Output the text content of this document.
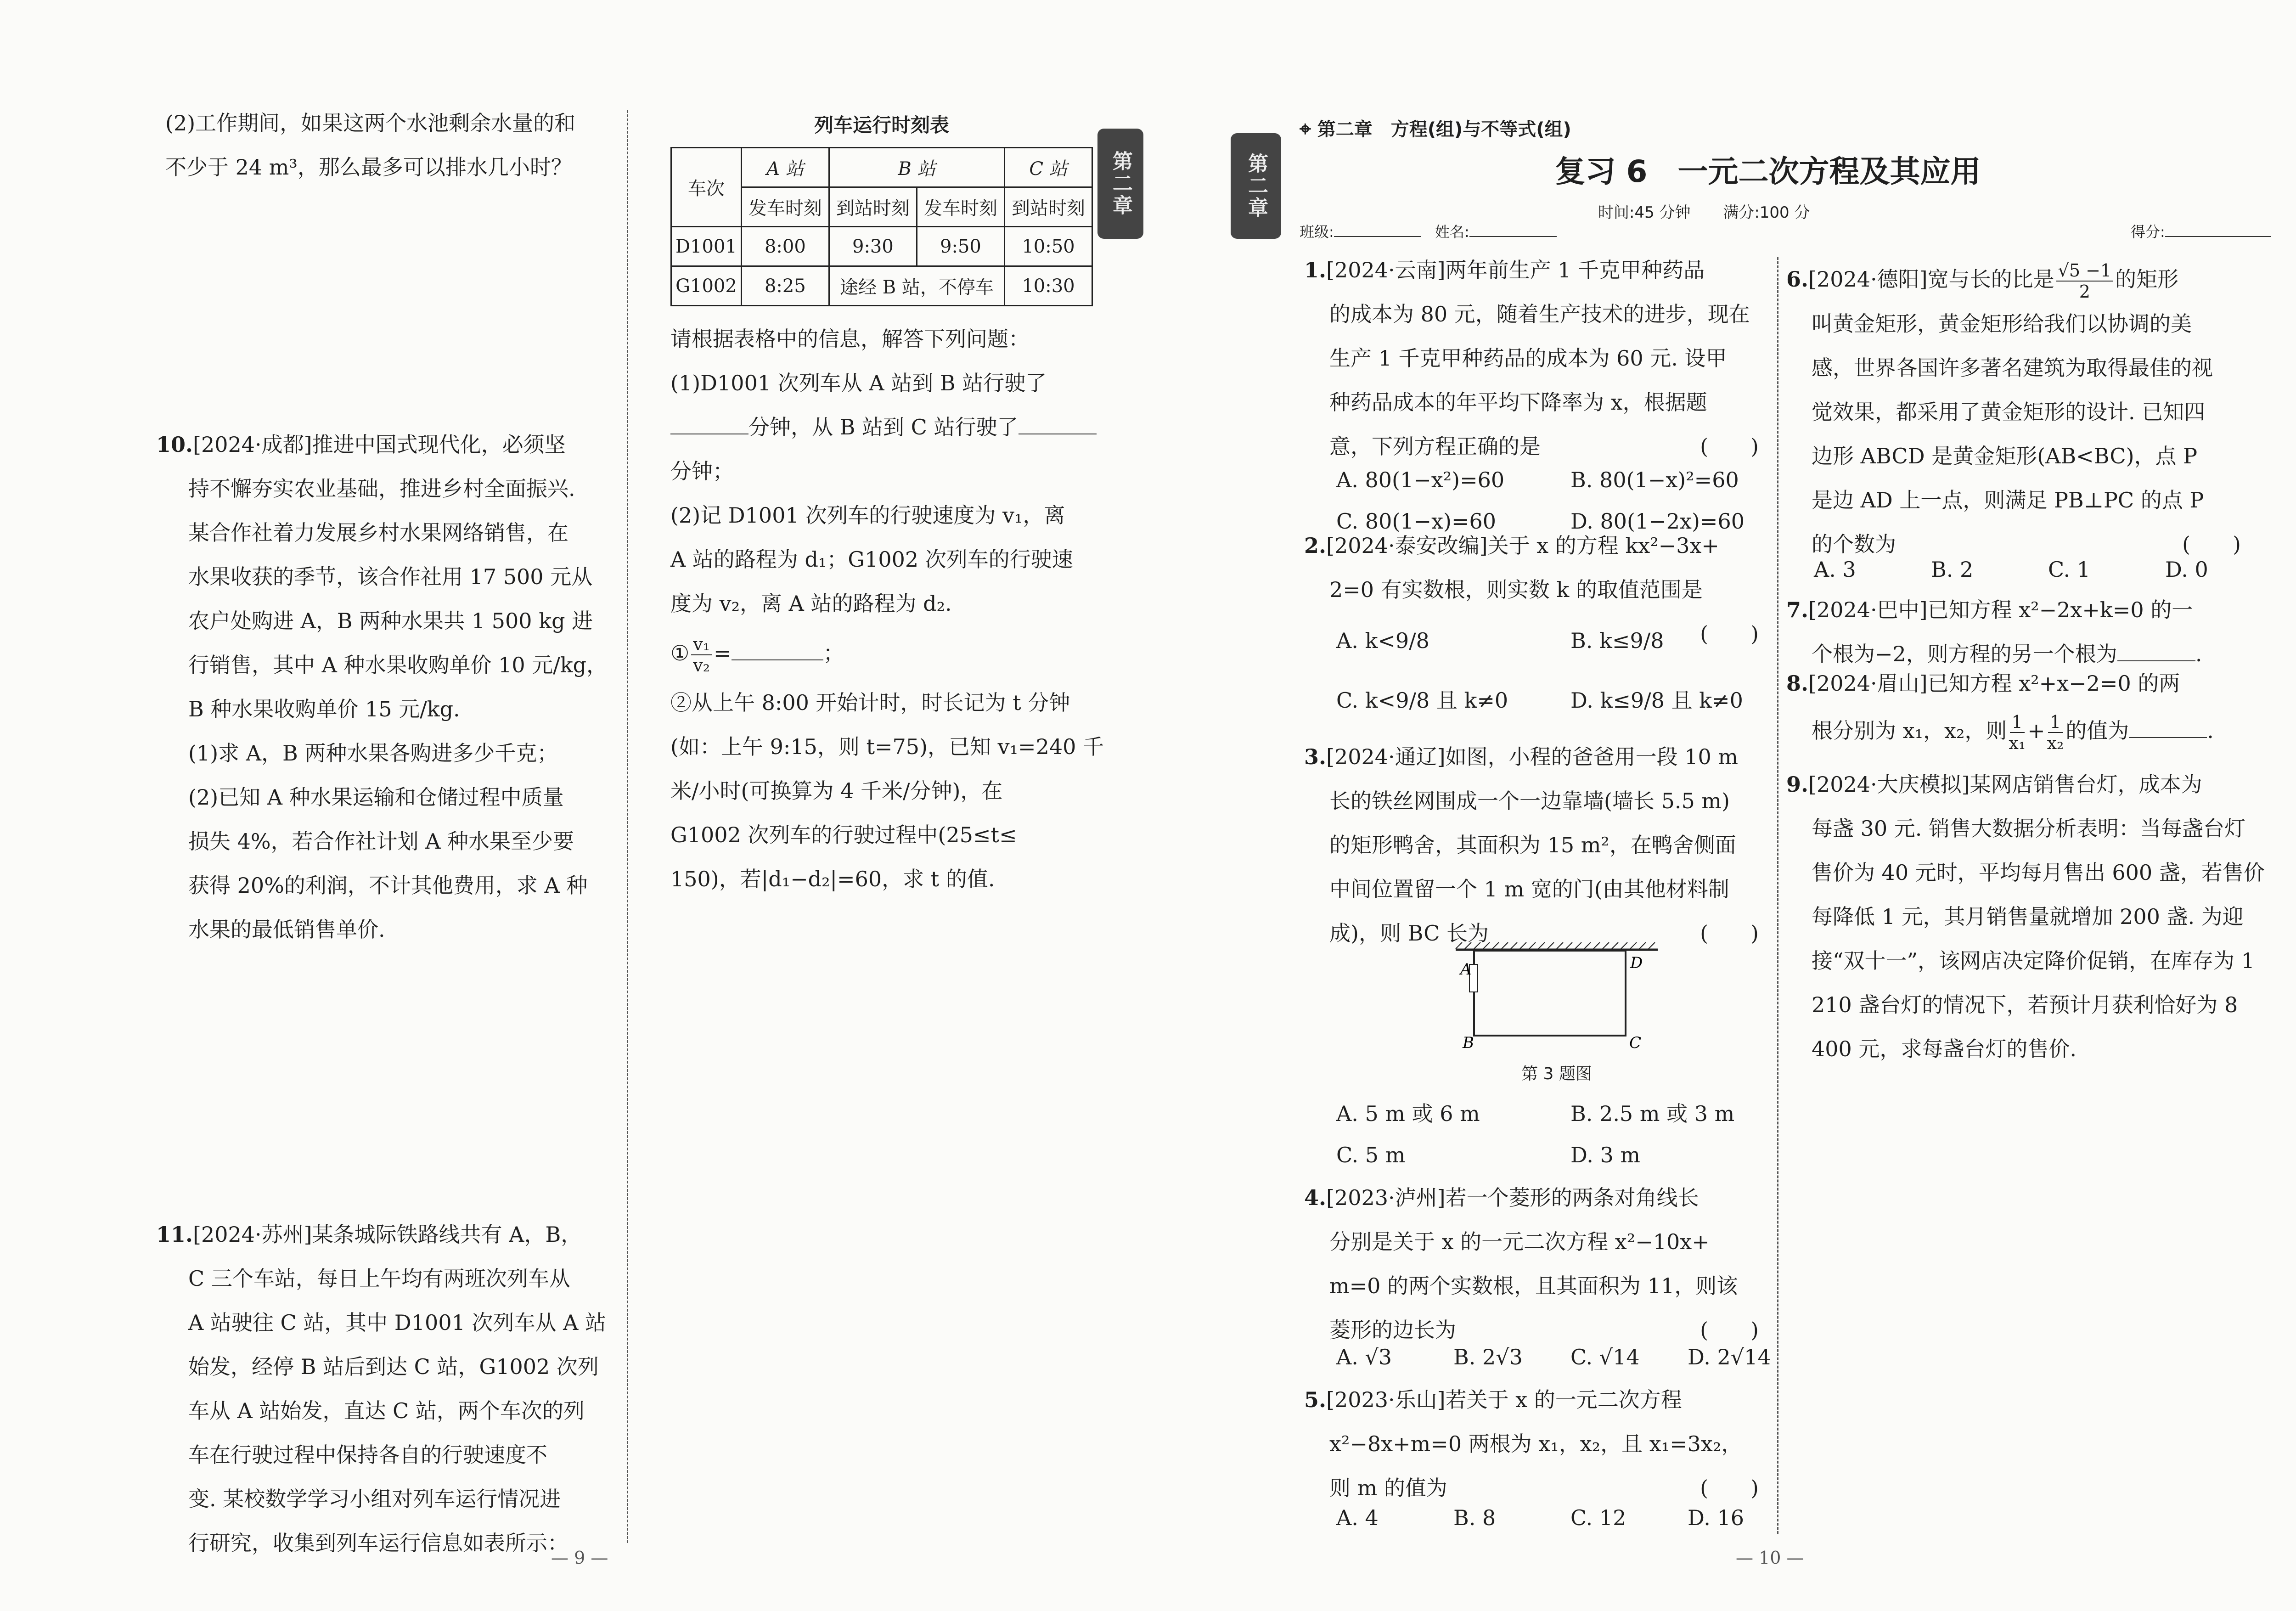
(2)工作期间，如果这两个水池剩余水量的和
不少于 24 m³，那么最多可以排水几小时？
10.[2024·成都]推进中国式现代化，必须坚
持不懈夯实农业基础，推进乡村全面振兴.
某合作社着力发展乡村水果网络销售，在
水果收获的季节，该合作社用 17 500 元从
农户处购进 A，B 两种水果共 1 500 kg 进
行销售，其中 A 种水果收购单价 10 元/kg，
B 种水果收购单价 15 元/kg.
(1)求 A，B 两种水果各购进多少千克；
(2)已知 A 种水果运输和仓储过程中质量
损失 4%，若合作社计划 A 种水果至少要
获得 20%的利润，不计其他费用，求 A 种
水果的最低销售单价.
11.[2024·苏州]某条城际铁路线共有 A，B，
C 三个车站，每日上午均有两班次列车从
A 站驶往 C 站，其中 D1001 次列车从 A 站
始发，经停 B 站后到达 C 站，G1002 次列
车从 A 站始发，直达 C 站，两个车次的列
车在行驶过程中保持各自的行驶速度不
变. 某校数学学习小组对列车运行情况进
行研究，收集到列车运行信息如表所示：
列车运行时刻表
车次	A 站	B 站		C 站
	发车时刻	到站时刻	发车时刻	到站时刻
D1001	8:00	9:30	9:50	10:50
G1002	8:25	途经 B 站，不停车		10:30
第二章
请根据表格中的信息，解答下列问题：
(1)D1001 次列车从 A 站到 B 站行驶了
分钟，从 B 站到 C 站行驶了
分钟；
(2)记 D1001 次列车的行驶速度为 v₁，离
A 站的路程为 d₁；G1002 次列车的行驶速
度为 v₂，离 A 站的路程为 d₂.
① $\frac{\text{v₁}}{\text{v₂}}$ =	；
②从上午 8:00 开始计时，时长记为 t 分钟
(如：上午 9:15，则 t=75)，已知 v₁=240 千
米/小时(可换算为 4 千米/分钟)，在
G1002 次列车的行驶过程中(25≤t≤
150)，若|d₁−d₂|=60，求 t 的值.
— 9 —
第二章
⌖ 第二章　方程(组)与不等式(组)
复习 6　一元二次方程及其应用
时间:45 分钟 满分:100 分
班级:	姓名:	得分:
1.[2024·云南]两年前生产 1 千克甲种药品
的成本为 80 元，随着生产技术的进步，现在
生产 1 千克甲种药品的成本为 60 元. 设甲
种药品成本的年平均下降率为 x，根据题
意，下列方程正确的是	(　　)
A. 80(1−x²)=60	B. 80(1−x)²=60
C. 80(1−x)=60	D. 80(1−2x)=60
2.[2024·泰安改编]关于 x 的方程 kx²−3x+
2=0 有实数根，则实数 k 的取值范围是
(　　)
A. k<9/8	B. k≤9/8
C. k<9/8 且 k≠0	D. k≤9/8 且 k≠0
3.[2024·通辽]如图，小程的爸爸用一段 10 m
长的铁丝网围成一个一边靠墙(墙长 5.5 m)
的矩形鸭舍，其面积为 15 m²，在鸭舍侧面
中间位置留一个 1 m 宽的门(由其他材料制
成)，则 BC 长为	(　　)
A
B	C
D
第 3 题图
A. 5 m 或 6 m	B. 2.5 m 或 3 m
C. 5 m	D. 3 m
4.[2023·泸州]若一个菱形的两条对角线长
分别是关于 x 的一元二次方程 x²−10x+
m=0 的两个实数根，且其面积为 11，则该
菱形的边长为	(　　)
A. √3	B. 2√3	C. √14	D. 2√14
5.[2023·乐山]若关于 x 的一元二次方程
x²−8x+m=0 两根为 x₁，x₂，且 x₁=3x₂，
则 m 的值为	(　　)
A. 4	B. 8	C. 12	D. 16
6.[2024·德阳]宽与长的比是 $\frac{√5 -1}{2}$ 的矩形
叫黄金矩形，黄金矩形给我们以协调的美
感，世界各国许多著名建筑为取得最佳的视
觉效果，都采用了黄金矩形的设计. 已知四
边形 ABCD 是黄金矩形(AB<BC)，点 P
是边 AD 上一点，则满足 PB⊥PC 的点 P
的个数为	(　　)
A. 3	B. 2	C. 1	D. 0
7.[2024·巴中]已知方程 x²−2x+k=0 的一
个根为−2，则方程的另一个根为	.
8.[2024·眉山]已知方程 x²+x−2=0 的两
根分别为 x₁，x₂，则 $\frac{1}{\text{x₁}} + \frac{1}{\text{x₂}}$ 的值为	.
9.[2024·大庆模拟]某网店销售台灯，成本为
每盏 30 元. 销售大数据分析表明：当每盏台灯
售价为 40 元时，平均每月售出 600 盏，若售价
每降低 1 元，其月销售量就增加 200 盏. 为迎
接“双十一”，该网店决定降价促销，在库存为 1
210 盏台灯的情况下，若预计月获利恰好为 8
400 元，求每盏台灯的售价.
— 10 —
